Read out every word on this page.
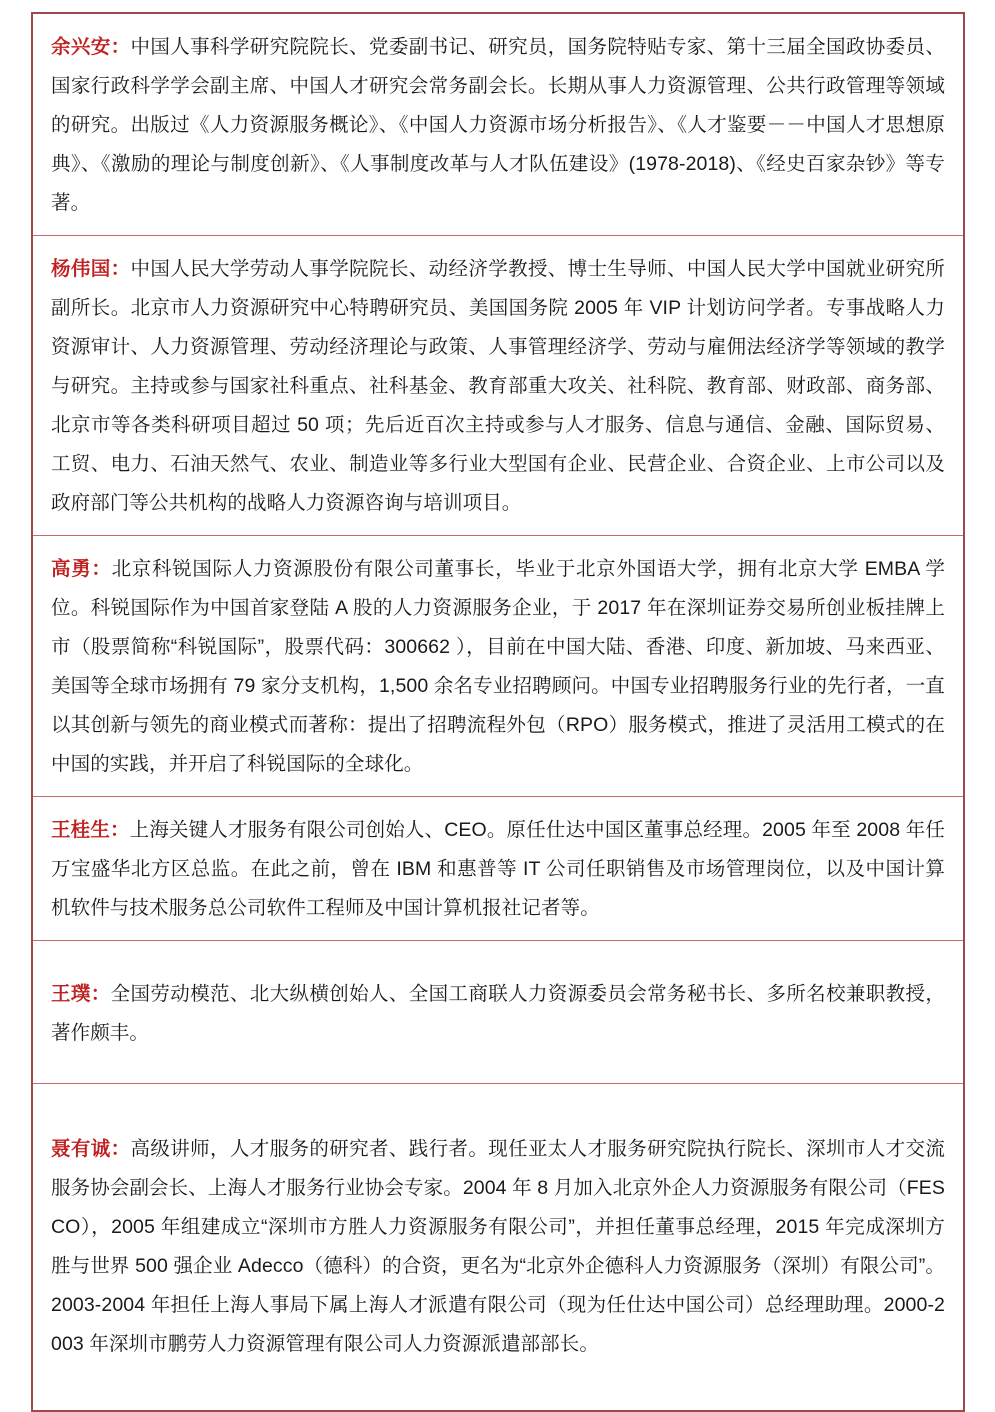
余兴安：中国人事科学研究院院长、党委副书记、研究员，国务院特贴专家、第十三届全国政协委员、国家行政科学学会副主席、中国人才研究会常务副会长。长期从事人力资源管理、公共行政管理等领域的研究。出版过《人力资源服务概论》、《中国人力资源市场分析报告》、《人才鉴要－－中国人才思想原典》、《激励的理论与制度创新》、《人事制度改革与人才队伍建设》(1978-2018)、《经史百家杂钞》等专著。

杨伟国：中国人民大学劳动人事学院院长、动经济学教授、博士生导师、中国人民大学中国就业研究所副所长。北京市人力资源研究中心特聘研究员、美国国务院 2005 年 VIP 计划访问学者。专事战略人力资源审计、人力资源管理、劳动经济理论与政策、人事管理经济学、劳动与雇佣法经济学等领域的教学与研究。主持或参与国家社科重点、社科基金、教育部重大攻关、社科院、教育部、财政部、商务部、北京市等各类科研项目超过 50 项；先后近百次主持或参与人才服务、信息与通信、金融、国际贸易、工贸、电力、石油天然气、农业、制造业等多行业大型国有企业、民营企业、合资企业、上市公司以及政府部门等公共机构的战略人力资源咨询与培训项目。

高勇：北京科锐国际人力资源股份有限公司董事长，毕业于北京外国语大学，拥有北京大学 EMBA 学位。科锐国际作为中国首家登陆 A 股的人力资源服务企业，于 2017 年在深圳证券交易所创业板挂牌上市（股票简称“科锐国际”，股票代码：300662 ），目前在中国大陆、香港、印度、新加坡、马来西亚、美国等全球市场拥有 79 家分支机构，1,500 余名专业招聘顾问。中国专业招聘服务行业的先行者，一直以其创新与领先的商业模式而著称：提出了招聘流程外包（RPO）服务模式，推进了灵活用工模式的在中国的实践，并开启了科锐国际的全球化。

王桂生：上海关键人才服务有限公司创始人、CEO。原任仕达中国区董事总经理。2005 年至 2008 年任万宝盛华北方区总监。在此之前，曾在 IBM 和惠普等 IT 公司任职销售及市场管理岗位，以及中国计算机软件与技术服务总公司软件工程师及中国计算机报社记者等。

王璞：全国劳动模范、北大纵横创始人、全国工商联人力资源委员会常务秘书长、多所名校兼职教授，著作颇丰。

聂有诚：高级讲师，人才服务的研究者、践行者。现任亚太人才服务研究院执行院长、深圳市人才交流服务协会副会长、上海人才服务行业协会专家。2004 年 8 月加入北京外企人力资源服务有限公司（FESCO），2005 年组建成立“深圳市方胜人力资源服务有限公司”，并担任董事总经理，2015 年完成深圳方胜与世界 500 强企业 Adecco（德科）的合资，更名为“北京外企德科人力资源服务（深圳）有限公司”。2003-2004 年担任上海人事局下属上海人才派遣有限公司（现为任仕达中国公司）总经理助理。2000-2003 年深圳市鹏劳人力资源管理有限公司人力资源派遣部部长。
